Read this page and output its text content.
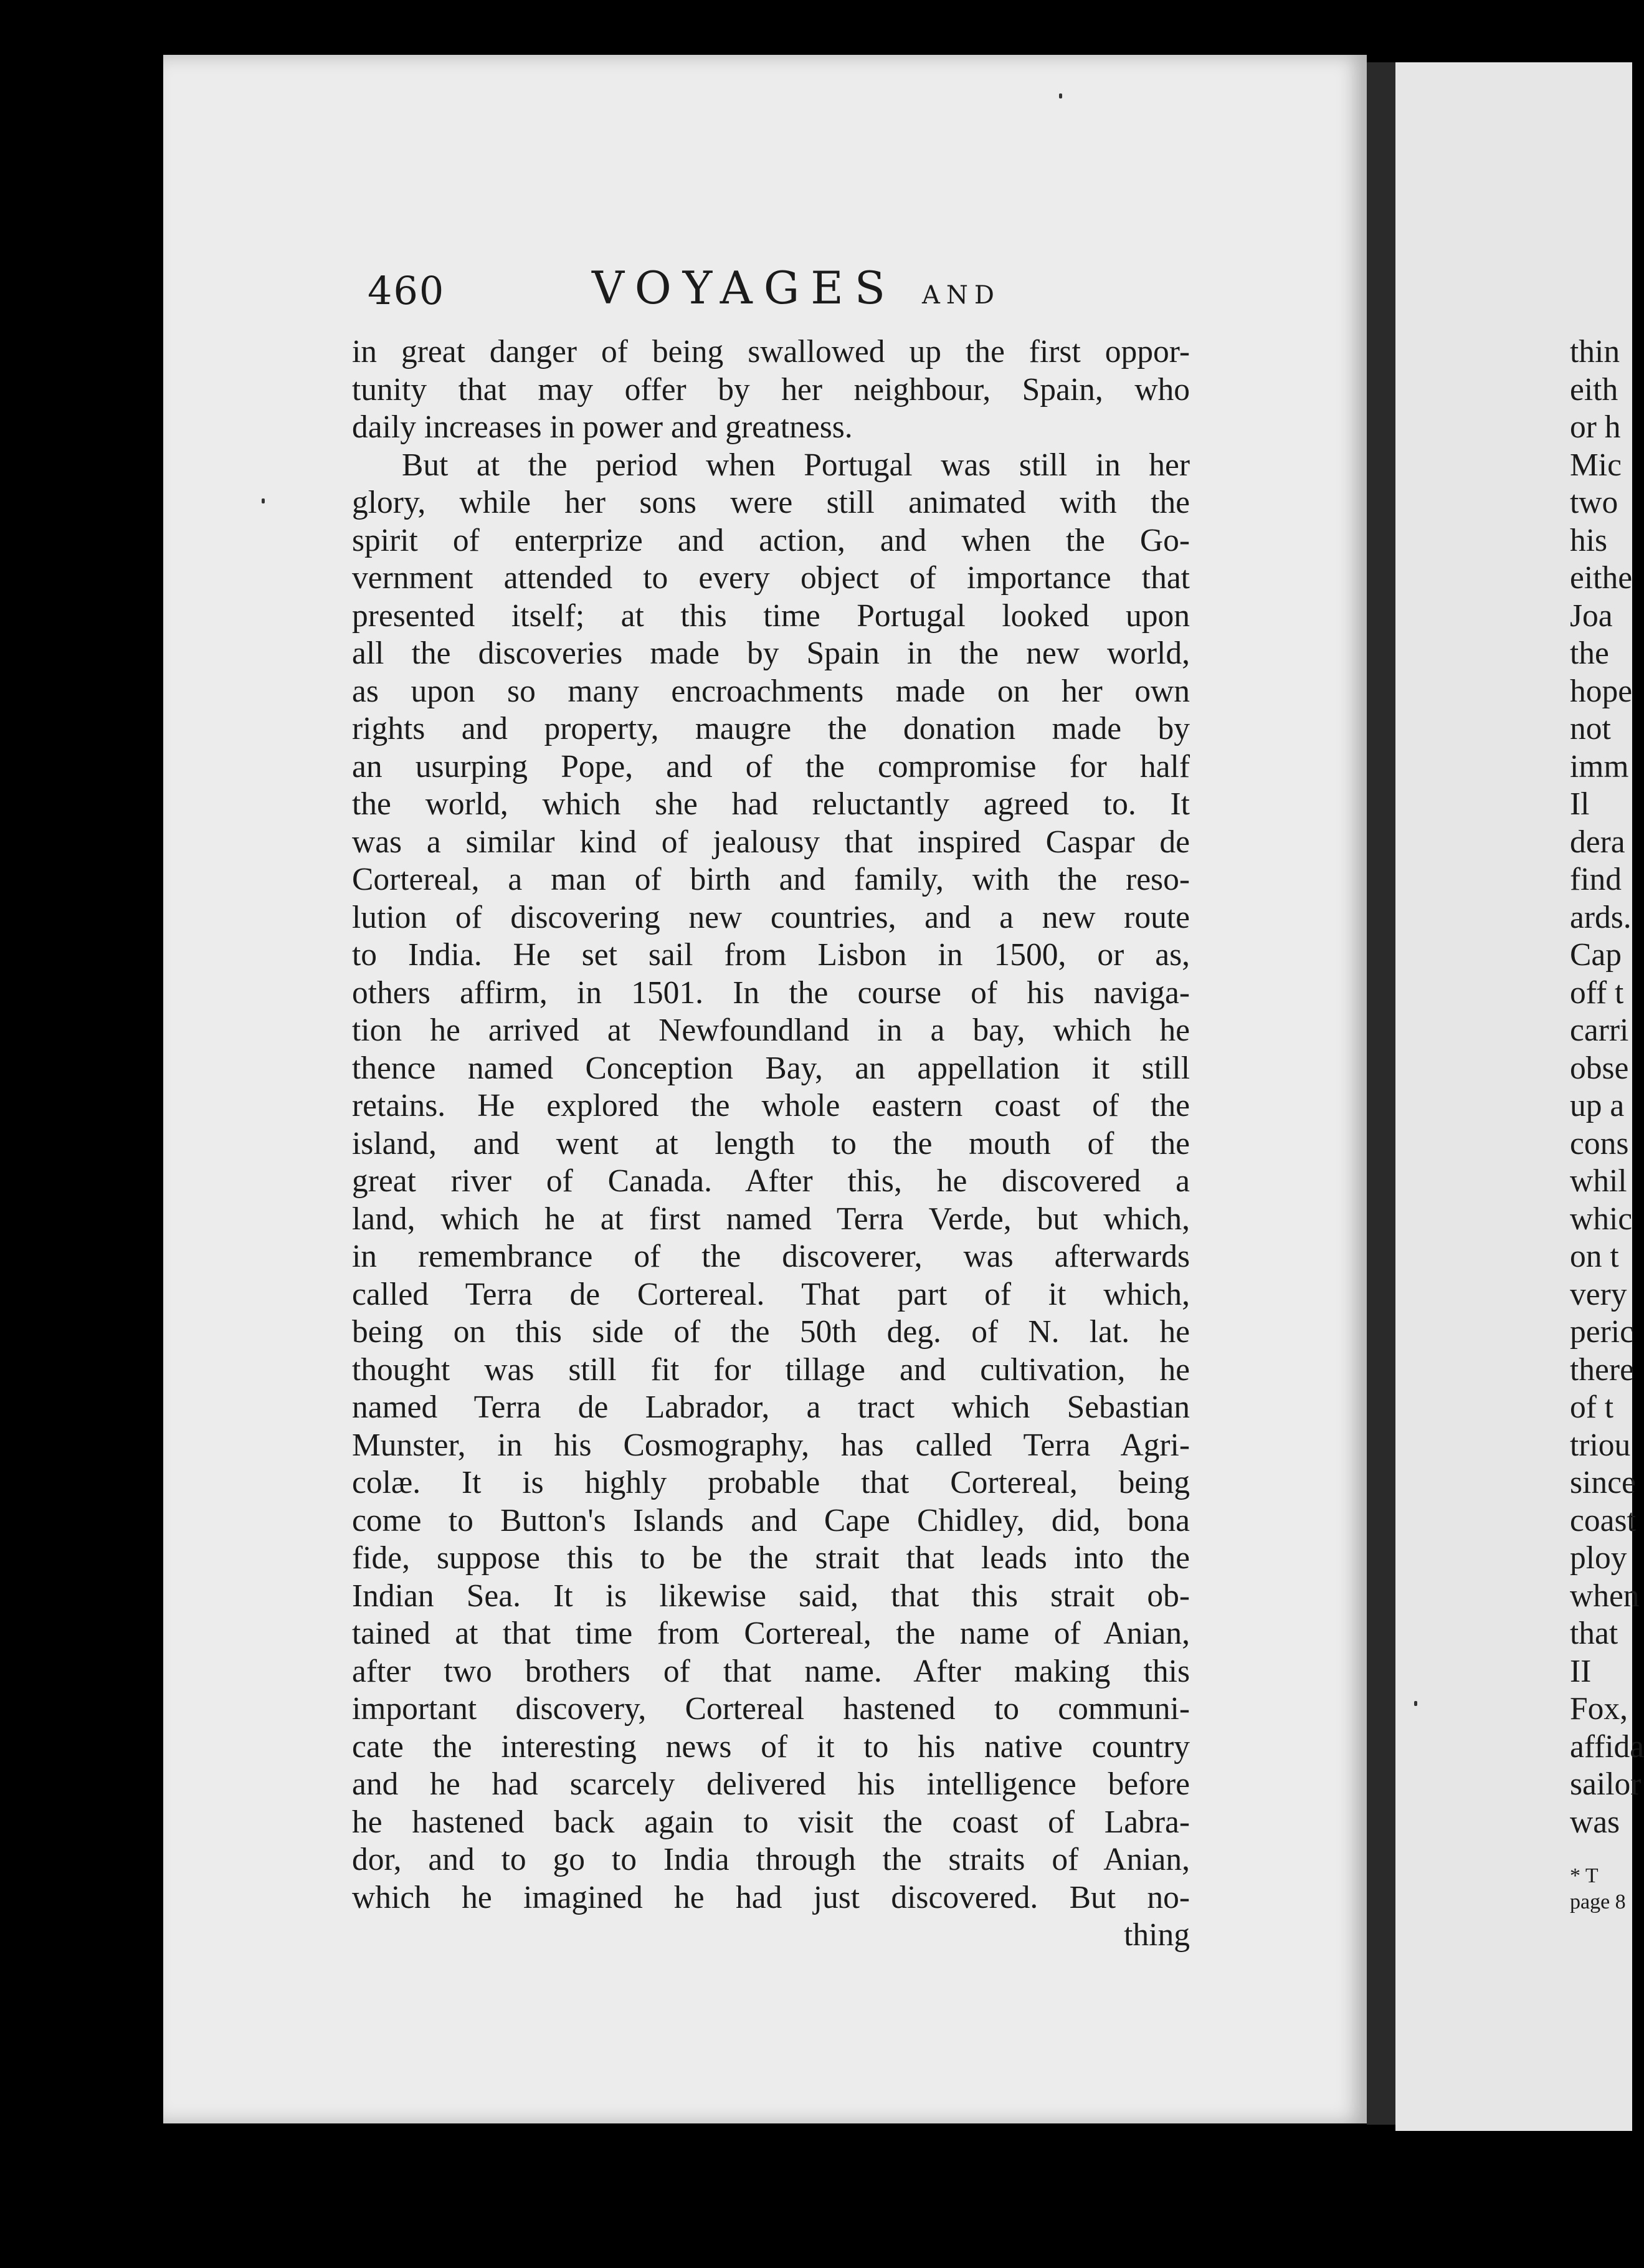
460	VOYAGES AND
in great danger of being swallowed up the first oppor-
tunity that may offer by her neighbour, Spain, who
daily increases in power and greatness.
But at the period when Portugal was still in her
glory, while her sons were still animated with the
spirit of enterprize and action, and when the Go-
vernment attended to every object of importance that
presented itself; at this time Portugal looked upon
all the discoveries made by Spain in the new world,
as upon so many encroachments made on her own
rights and property, maugre the donation made by
an usurping Pope, and of the compromise for half
the world, which she had reluctantly agreed to. It
was a similar kind of jealousy that inspired Caspar de
Cortereal, a man of birth and family, with the reso-
lution of discovering new countries, and a new route
to India. He set sail from Lisbon in 1500, or as,
others affirm, in 1501. In the course of his naviga-
tion he arrived at Newfoundland in a bay, which he
thence named Conception Bay, an appellation it still
retains. He explored the whole eastern coast of the
island, and went at length to the mouth of the
great river of Canada. After this, he discovered a
land, which he at first named Terra Verde, but which,
in remembrance of the discoverer, was afterwards
called Terra de Cortereal. That part of it which,
being on this side of the 50th deg. of N. lat. he
thought was still fit for tillage and cultivation, he
named Terra de Labrador, a tract which Sebastian
Munster, in his Cosmography, has called Terra Agri-
colæ. It is highly probable that Cortereal, being
come to Button's Islands and Cape Chidley, did, bona
fide, suppose this to be the strait that leads into the
Indian Sea. It is likewise said, that this strait ob-
tained at that time from Cortereal, the name of Anian,
after two brothers of that name. After making this
important discovery, Cortereal hastened to communi-
cate the interesting news of it to his native country
and he had scarcely delivered his intelligence before
he hastened back again to visit the coast of Labra-
dor, and to go to India through the straits of Anian,
which he imagined he had just discovered. But no-
thing
thin
eith
or h
Mic
two
his
eithe
Joa
the
hope
not
imm
Il
dera
find
ards.
Cap
off t
carri
obse
up a
cons
whil
whic
on t
very
peric
there
of t
triou
since
coast
ploy
when
that
II
Fox,
affida
sailor
was
* T
page 8
